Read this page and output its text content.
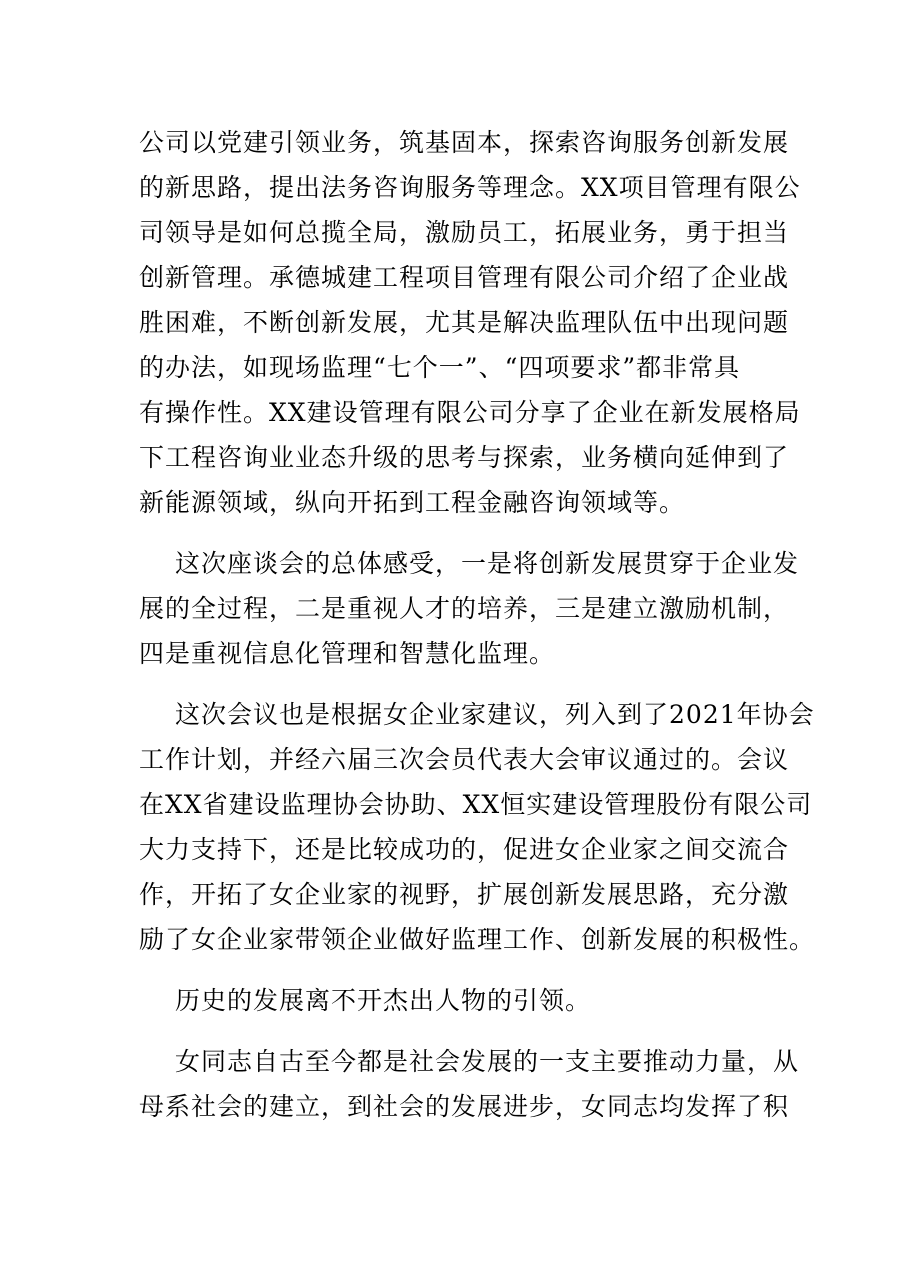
公司以党建引领业务，筑基固本，探索咨询服务创新发展
的新思路，提出法务咨询服务等理念。XX项目管理有限公
司领导是如何总揽全局，激励员工，拓展业务，勇于担当
创新管理。承德城建工程项目管理有限公司介绍了企业战
胜困难，不断创新发展，尤其是解决监理队伍中出现问题
的办法，如现场监理“七个一”、“四项要求”都非常具
有操作性。XX建设管理有限公司分享了企业在新发展格局
下工程咨询业业态升级的思考与探索，业务横向延伸到了
新能源领域，纵向开拓到工程金融咨询领域等。
这次座谈会的总体感受，一是将创新发展贯穿于企业发
展的全过程，二是重视人才的培养，三是建立激励机制，
四是重视信息化管理和智慧化监理。
这次会议也是根据女企业家建议，列入到了2021年协会
工作计划，并经六届三次会员代表大会审议通过的。会议
在XX省建设监理协会协助、XX恒实建设管理股份有限公司
大力支持下，还是比较成功的，促进女企业家之间交流合
作，开拓了女企业家的视野，扩展创新发展思路，充分激
励了女企业家带领企业做好监理工作、创新发展的积极性。
历史的发展离不开杰出人物的引领。
女同志自古至今都是社会发展的一支主要推动力量，从
母系社会的建立，到社会的发展进步，女同志均发挥了积
